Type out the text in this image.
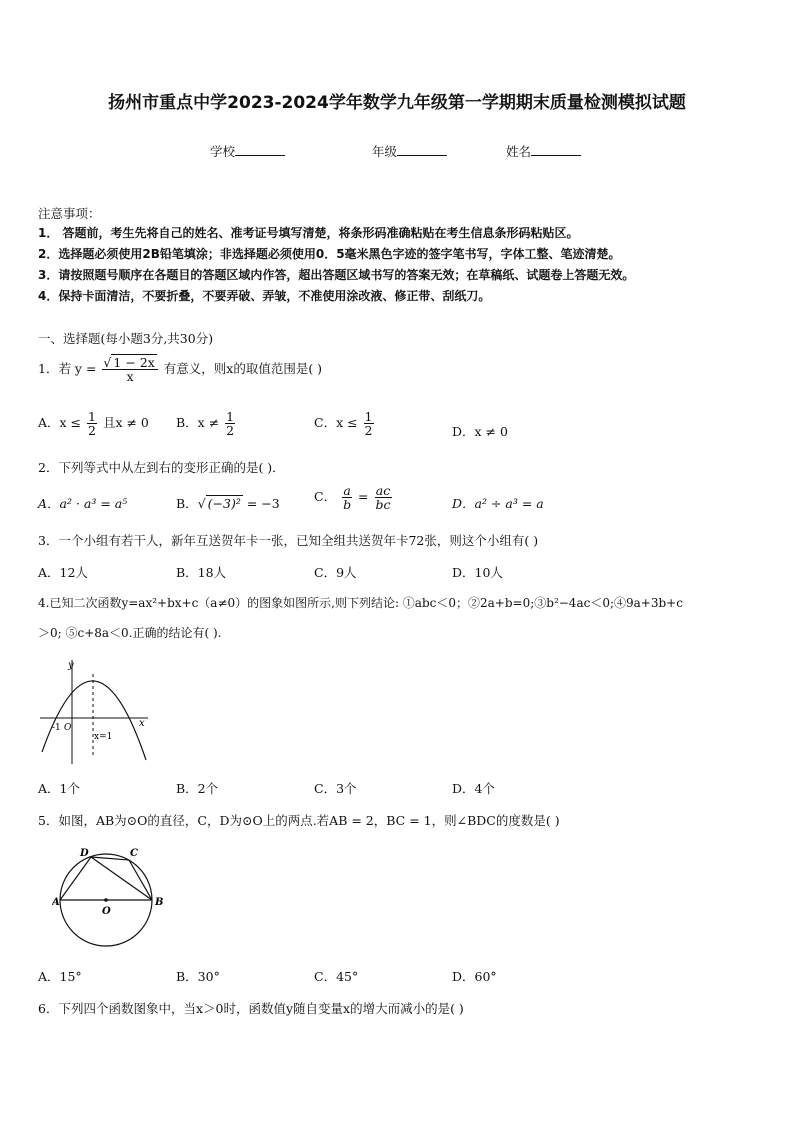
扬州市重点中学2023-2024学年数学九年级第一学期期末质量检测模拟试题
学校	年级	姓名
注意事项：
1． 答题前，考生先将自己的姓名、准考证号填写清楚，将条形码准确粘贴在考生信息条形码粘贴区。
2．选择题必须使用2B铅笔填涂；非选择题必须使用0．5毫米黑色字迹的签字笔书写，字体工整、笔迹清楚。
3．请按照题号顺序在各题目的答题区域内作答，超出答题区域书写的答案无效；在草稿纸、试题卷上答题无效。
4．保持卡面清洁，不要折叠，不要弄破、弄皱，不准使用涂改液、修正带、刮纸刀。
一、选择题(每小题3分,共30分)
1．若 $y = \frac{√ 1 - 2x}{x}$ 有意义，则x的取值范围是( )
A．$x \le \frac{1}{2}$ 且x ≠ 0 B．$x \ne \frac{1}{2}$	C．$x \le \frac{1}{2}$	D．x ≠ 0
2．下列等式中从左到右的变形正确的是( )．
A．a² · a³ = a⁵	B．√ (−3)² = −3	C． $\frac{a}{b} = \frac{ac}{bc}$	D．a² ÷ a³ = a
3．一个小组有若干人，新年互送贺年卡一张，已知全组共送贺年卡72张，则这个小组有( )
A．12人	B．18人	C．9人	D．10人
4.已知二次函数y=ax²+bx+c（a≠0）的图象如图所示,则下列结论: ①abc＜0；②2a+b=0;③b²−4ac＜0;④9a+3b+c
＞0; ⑤c+8a＜0.正确的结论有( ).
y
x
-1 O
x=1
A．1个	B．2个	C．3个	D．4个
5．如图，AB为⊙O的直径，C，D为⊙O上的两点.若AB = 2，BC = 1，则∠BDC的度数是( )
A	B
C
D
O
A．15°	B．30°	C．45°	D．60°
6．下列四个函数图象中，当x＞0时，函数值y随自变量x的增大而减小的是( )
